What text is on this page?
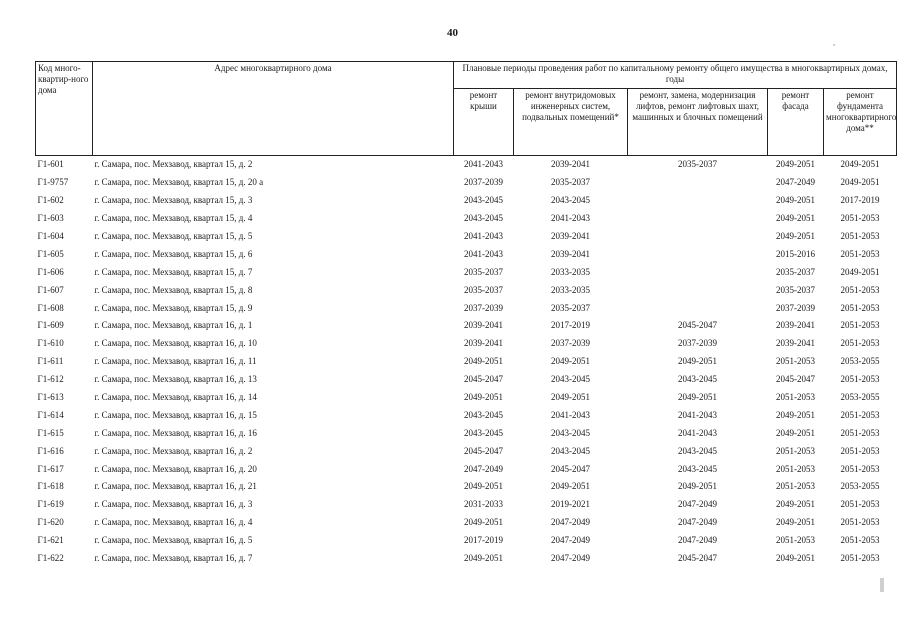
40
Код много-квартир-ного дома	Адрес многоквартирного дома	Плановые периоды проведения работ по капитальному ремонту общего имущества в многоквартирных домах, годы				
		ремонт крыши	ремонт внутридомовых инженерных систем, подвальных помещений*	ремонт, замена, модернизация лифтов, ремонт лифтовых шахт, машинных и блочных помещений	ремонт фасада	ремонт фундамента многоквартирного дома**
Г1-601	г. Самара, пос. Мехзавод, квартал 15, д. 2	2041-2043	2039-2041	2035-2037	2049-2051	2049-2051
Г1-9757	г. Самара, пос. Мехзавод, квартал 15, д. 20 а	2037-2039	2035-2037		2047-2049	2049-2051
Г1-602	г. Самара, пос. Мехзавод, квартал 15, д. 3	2043-2045	2043-2045		2049-2051	2017-2019
Г1-603	г. Самара, пос. Мехзавод, квартал 15, д. 4	2043-2045	2041-2043		2049-2051	2051-2053
Г1-604	г. Самара, пос. Мехзавод, квартал 15, д. 5	2041-2043	2039-2041		2049-2051	2051-2053
Г1-605	г. Самара, пос. Мехзавод, квартал 15, д. 6	2041-2043	2039-2041		2015-2016	2051-2053
Г1-606	г. Самара, пос. Мехзавод, квартал 15, д. 7	2035-2037	2033-2035		2035-2037	2049-2051
Г1-607	г. Самара, пос. Мехзавод, квартал 15, д. 8	2035-2037	2033-2035		2035-2037	2051-2053
Г1-608	г. Самара, пос. Мехзавод, квартал 15, д. 9	2037-2039	2035-2037		2037-2039	2051-2053
Г1-609	г. Самара, пос. Мехзавод, квартал 16, д. 1	2039-2041	2017-2019	2045-2047	2039-2041	2051-2053
Г1-610	г. Самара, пос. Мехзавод, квартал 16, д. 10	2039-2041	2037-2039	2037-2039	2039-2041	2051-2053
Г1-611	г. Самара, пос. Мехзавод, квартал 16, д. 11	2049-2051	2049-2051	2049-2051	2051-2053	2053-2055
Г1-612	г. Самара, пос. Мехзавод, квартал 16, д. 13	2045-2047	2043-2045	2043-2045	2045-2047	2051-2053
Г1-613	г. Самара, пос. Мехзавод, квартал 16, д. 14	2049-2051	2049-2051	2049-2051	2051-2053	2053-2055
Г1-614	г. Самара, пос. Мехзавод, квартал 16, д. 15	2043-2045	2041-2043	2041-2043	2049-2051	2051-2053
Г1-615	г. Самара, пос. Мехзавод, квартал 16, д. 16	2043-2045	2043-2045	2041-2043	2049-2051	2051-2053
Г1-616	г. Самара, пос. Мехзавод, квартал 16, д. 2	2045-2047	2043-2045	2043-2045	2051-2053	2051-2053
Г1-617	г. Самара, пос. Мехзавод, квартал 16, д. 20	2047-2049	2045-2047	2043-2045	2051-2053	2051-2053
Г1-618	г. Самара, пос. Мехзавод, квартал 16, д. 21	2049-2051	2049-2051	2049-2051	2051-2053	2053-2055
Г1-619	г. Самара, пос. Мехзавод, квартал 16, д. 3	2031-2033	2019-2021	2047-2049	2049-2051	2051-2053
Г1-620	г. Самара, пос. Мехзавод, квартал 16, д. 4	2049-2051	2047-2049	2047-2049	2049-2051	2051-2053
Г1-621	г. Самара, пос. Мехзавод, квартал 16, д. 5	2017-2019	2047-2049	2047-2049	2051-2053	2051-2053
Г1-622	г. Самара, пос. Мехзавод, квартал 16, д. 7	2049-2051	2047-2049	2045-2047	2049-2051	2051-2053
